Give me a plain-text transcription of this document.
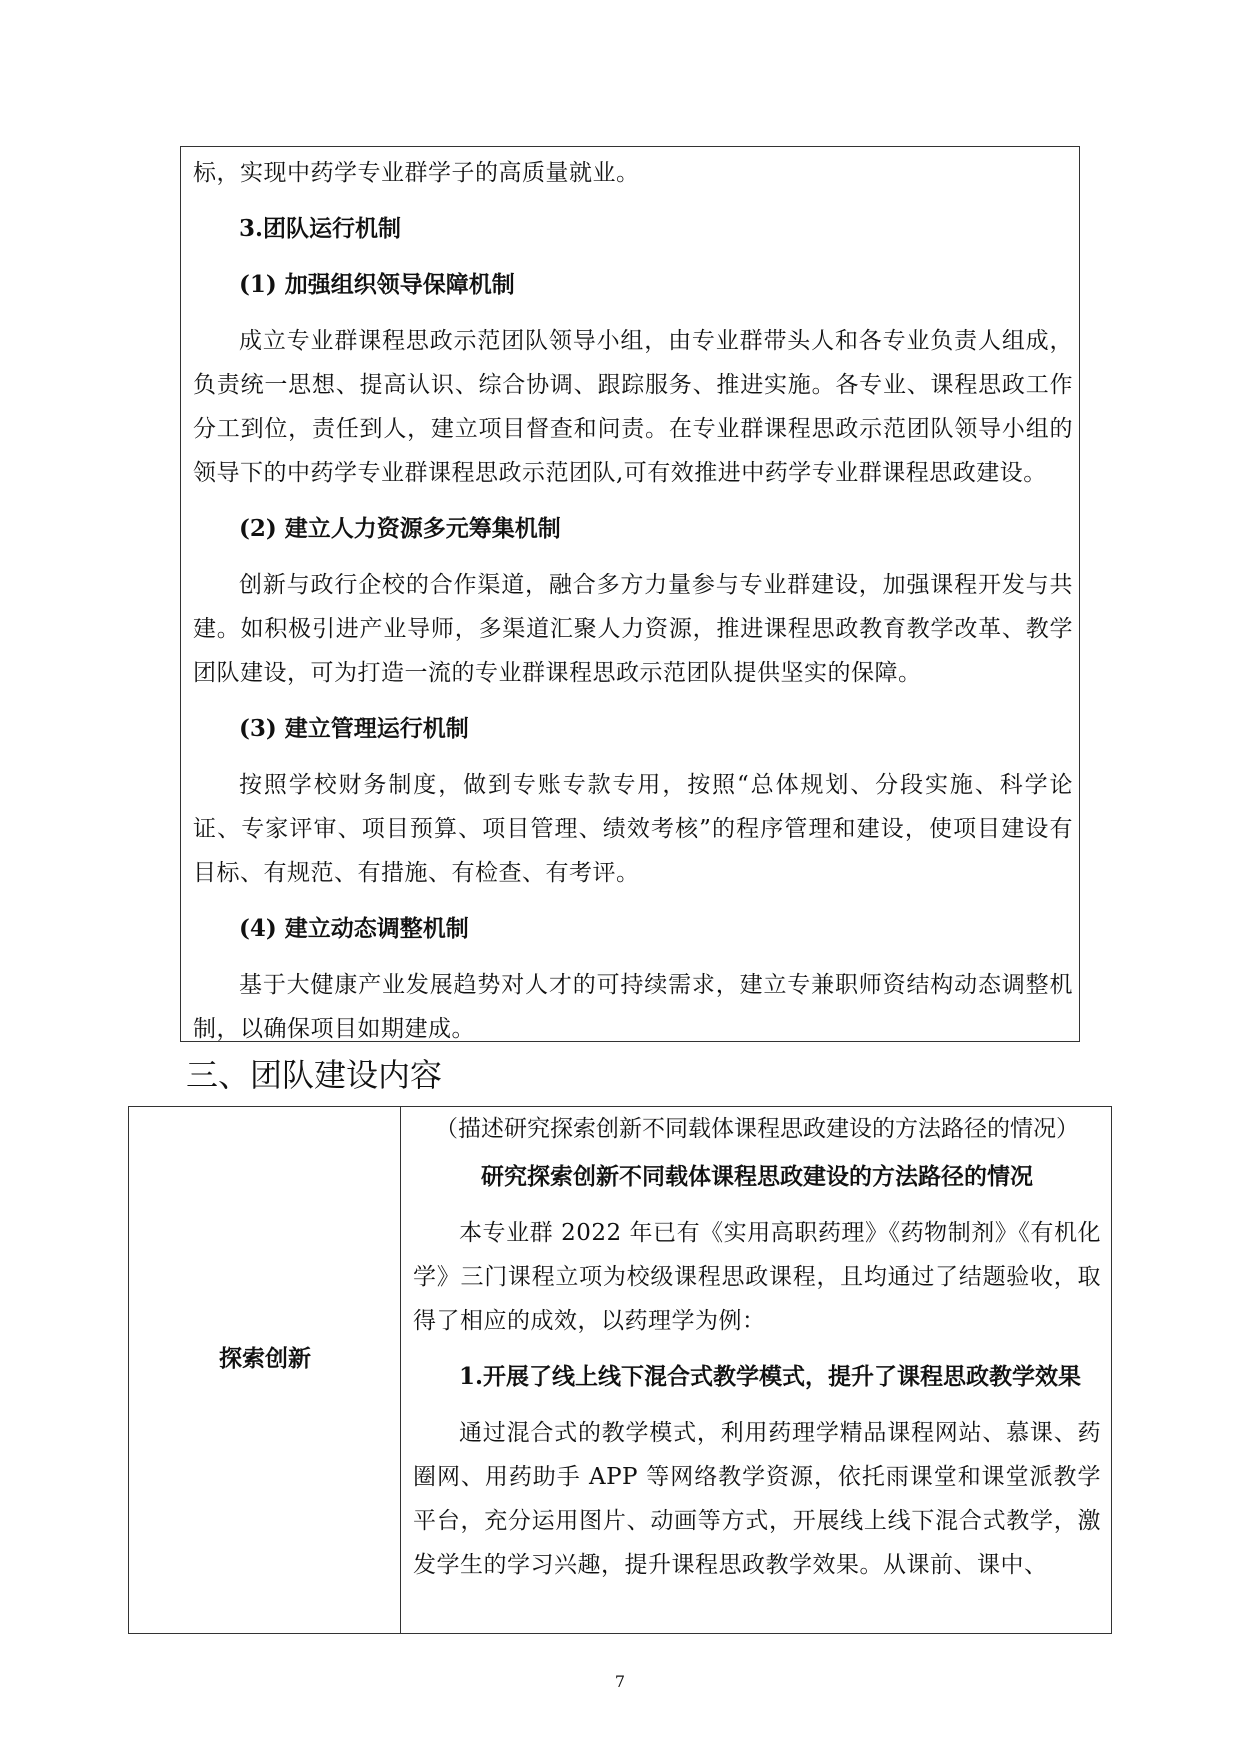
标，实现中药学专业群学子的高质量就业。

3.团队运行机制

(1) 加强组织领导保障机制

成立专业群课程思政示范团队领导小组，由专业群带头人和各专业负责人组成，负责统一思想、提高认识、综合协调、跟踪服务、推进实施。各专业、课程思政工作分工到位，责任到人，建立项目督查和问责。在专业群课程思政示范团队领导小组的领导下的中药学专业群课程思政示范团队,可有效推进中药学专业群课程思政建设。

(2) 建立人力资源多元筹集机制

创新与政行企校的合作渠道，融合多方力量参与专业群建设，加强课程开发与共建。如积极引进产业导师，多渠道汇聚人力资源，推进课程思政教育教学改革、教学团队建设，可为打造一流的专业群课程思政示范团队提供坚实的保障。

(3) 建立管理运行机制

按照学校财务制度，做到专账专款专用，按照“总体规划、分段实施、科学论证、专家评审、项目预算、项目管理、绩效考核”的程序管理和建设，使项目建设有目标、有规范、有措施、有检查、有考评。

(4) 建立动态调整机制

基于大健康产业发展趋势对人才的可持续需求，建立专兼职师资结构动态调整机制，以确保项目如期建成。

三、团队建设内容
探索创新

（描述研究探索创新不同载体课程思政建设的方法路径的情况）

研究探索创新不同载体课程思政建设的方法路径的情况

本专业群 2022 年已有《实用高职药理》《药物制剂》《有机化学》三门课程立项为校级课程思政课程，且均通过了结题验收，取得了相应的成效，以药理学为例：

1.开展了线上线下混合式教学模式，提升了课程思政教学效果

通过混合式的教学模式，利用药理学精品课程网站、慕课、药圈网、用药助手 APP 等网络教学资源，依托雨课堂和课堂派教学平台，充分运用图片、动画等方式，开展线上线下混合式教学，激发学生的学习兴趣，提升课程思政教学效果。从课前、课中、

7
